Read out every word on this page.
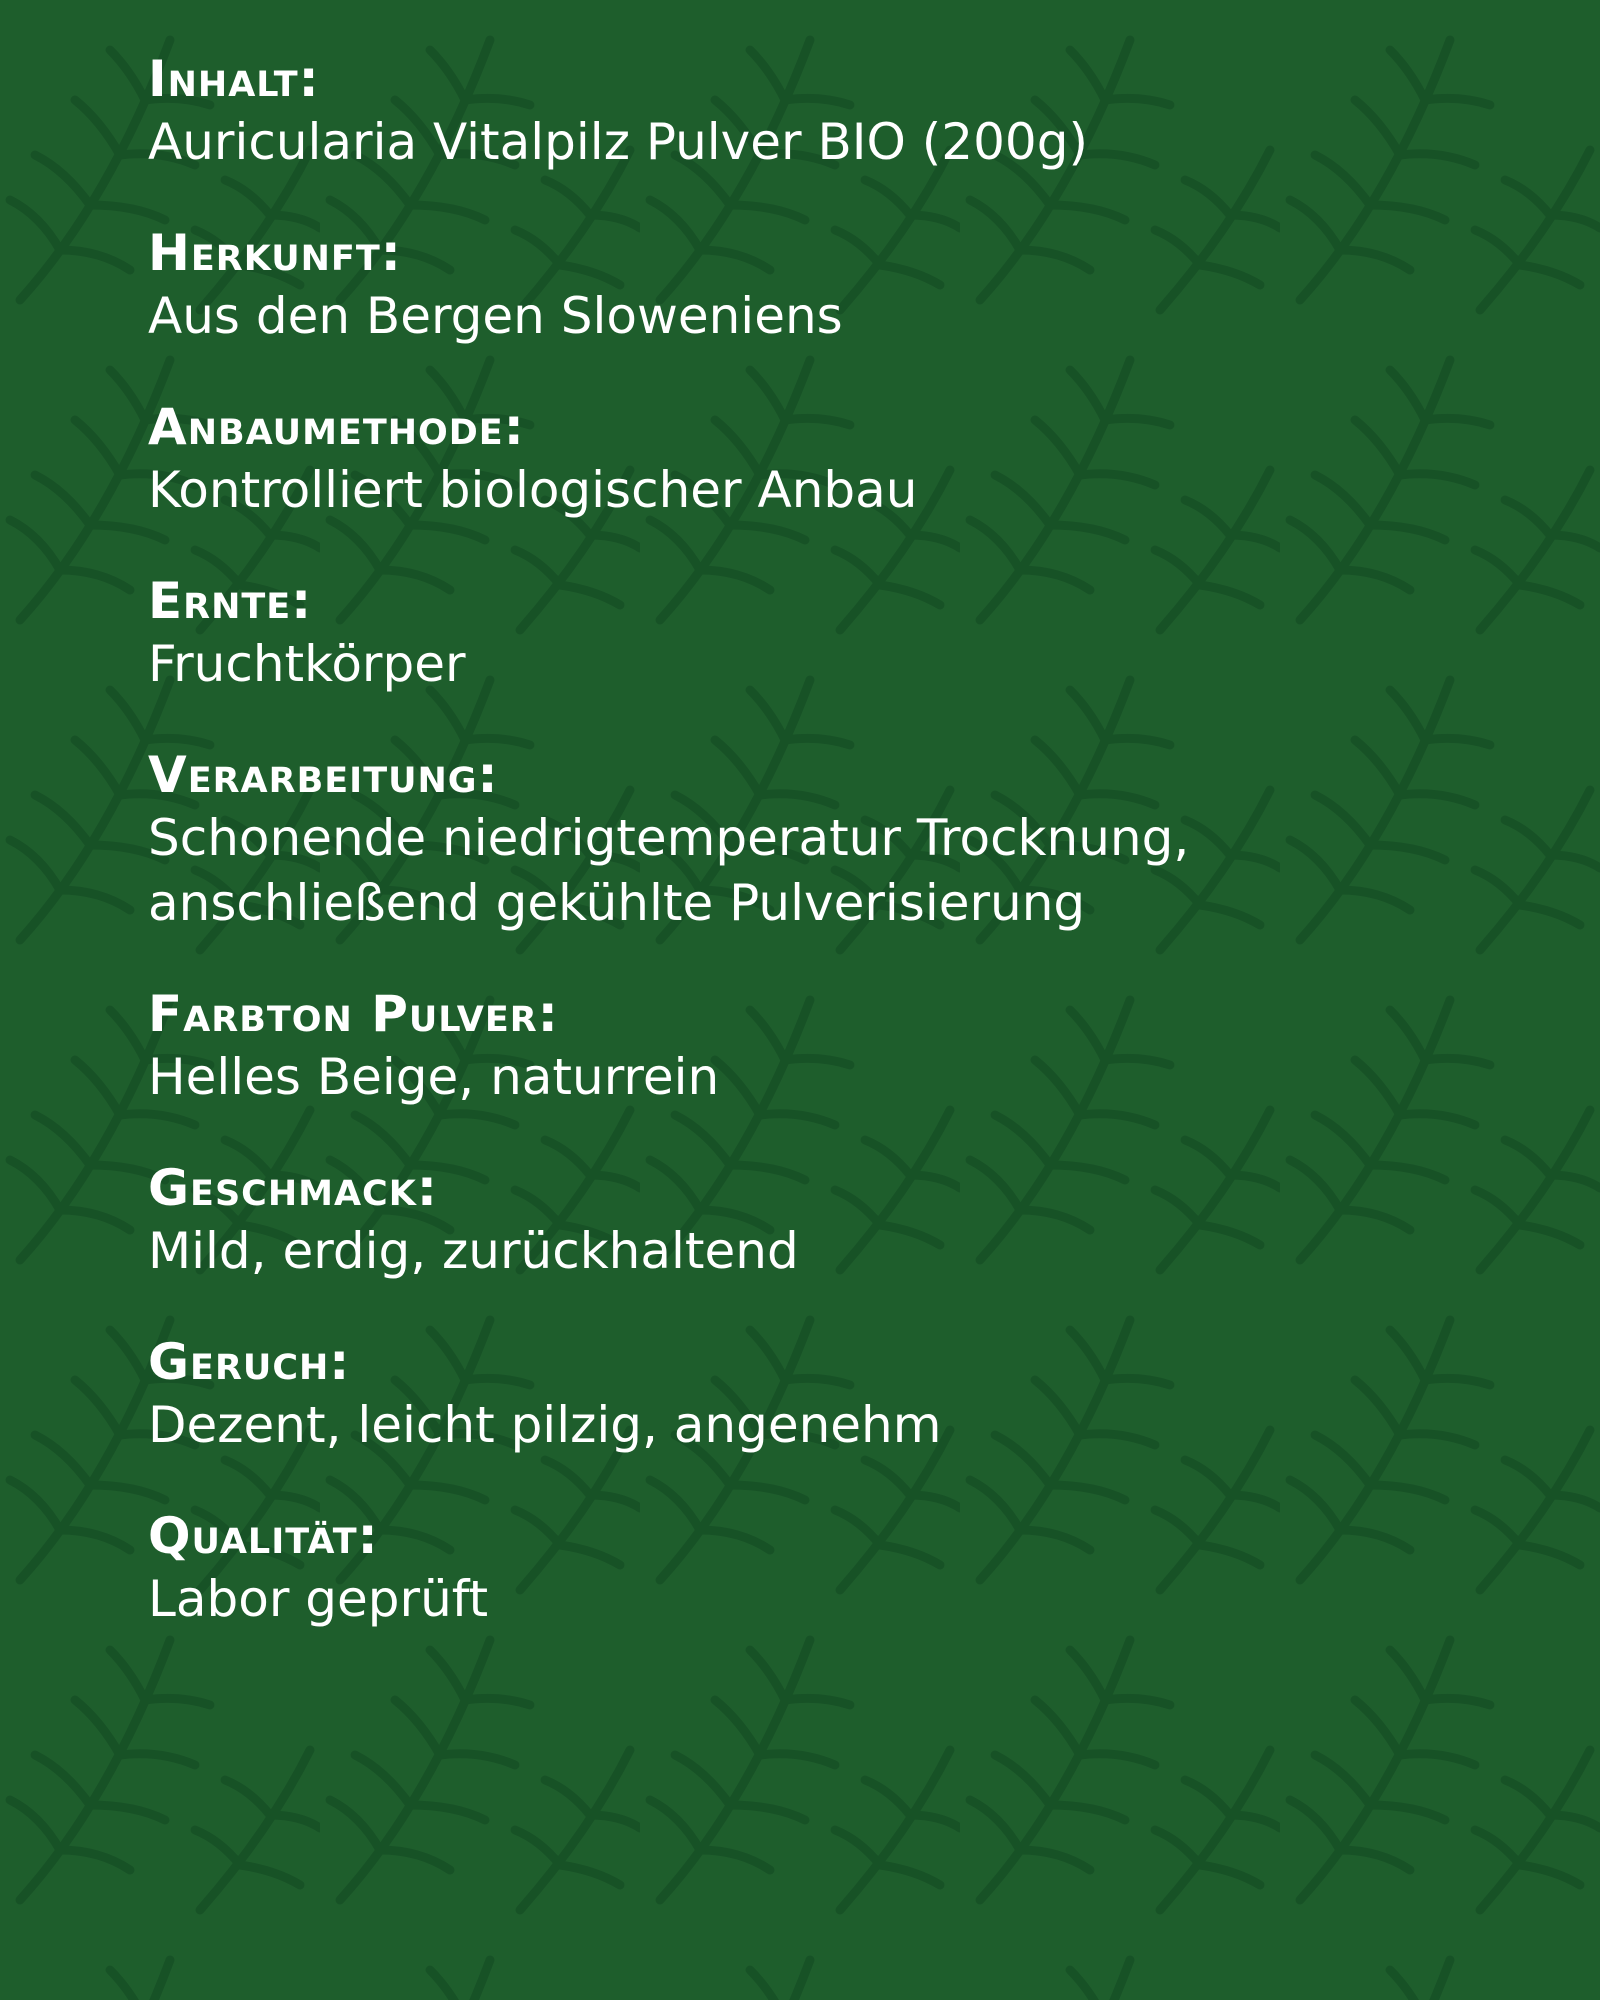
Inhalt:

Auricularia Vitalpilz Pulver BIO (200g)

Herkunft:

Aus den Bergen Sloweniens

Anbaumethode:

Kontrolliert biologischer Anbau

Ernte:

Fruchtkörper

Verarbeitung:

Schonende niedrigtemperatur Trocknung,

anschließend gekühlte Pulverisierung

Farbton Pulver:

Helles Beige, naturrein

Geschmack:

Mild, erdig, zurückhaltend

Geruch:

Dezent, leicht pilzig, angenehm

Qualität:

Labor geprüft
